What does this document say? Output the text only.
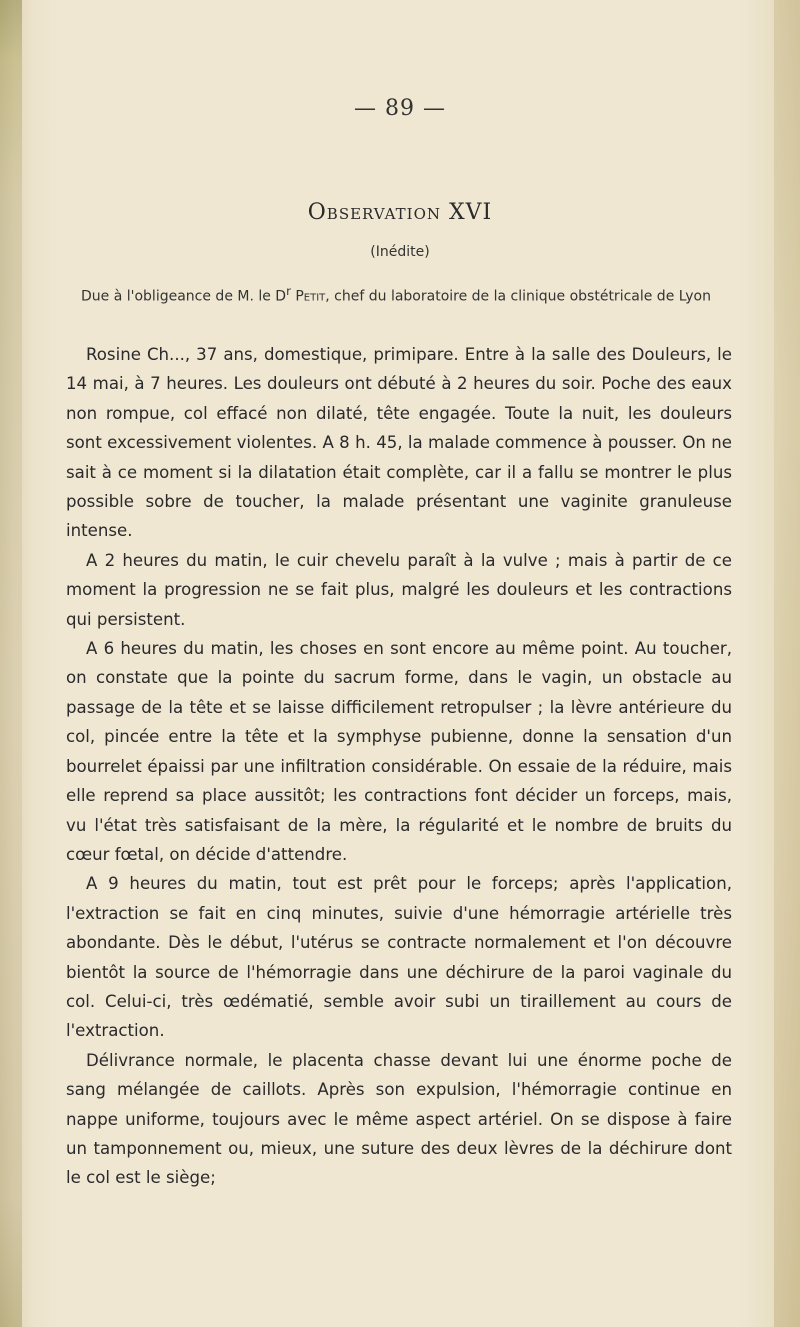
— 89 —
Observation XVI
(Inédite)
Due à l'obligeance de M. le $D^r$ Petit, chef du laboratoire de la clinique obstétricale de Lyon

Rosine Ch..., 37 ans, domestique, primipare. Entre à la salle des Douleurs, le 14 mai, à 7 heures. Les douleurs ont débuté à 2 heures du soir. Poche des eaux non rompue, col effacé non dilaté, tête engagée. Toute la nuit, les douleurs sont excessivement violentes. A 8 h. 45, la malade commence à pousser. On ne sait à ce moment si la dilatation était complète, car il a fallu se montrer le plus possible sobre de toucher, la malade présentant une vaginite granuleuse intense.

A 2 heures du matin, le cuir chevelu paraît à la vulve ; mais à partir de ce moment la progression ne se fait plus, malgré les douleurs et les contractions qui persistent.

A 6 heures du matin, les choses en sont encore au même point. Au toucher, on constate que la pointe du sacrum forme, dans le vagin, un obstacle au passage de la tête et se laisse difficilement retropulser ; la lèvre antérieure du col, pincée entre la tête et la symphyse pubienne, donne la sensation d'un bourrelet épaissi par une infiltration considérable. On essaie de la réduire, mais elle reprend sa place aussitôt; les contractions font décider un forceps, mais, vu l'état très satisfaisant de la mère, la régularité et le nombre de bruits du cœur fœtal, on décide d'attendre.

A 9 heures du matin, tout est prêt pour le forceps; après l'application, l'extraction se fait en cinq minutes, suivie d'une hémorragie artérielle très abondante. Dès le début, l'utérus se contracte normalement et l'on découvre bientôt la source de l'hémorragie dans une déchirure de la paroi vaginale du col. Celui-ci, très œdématié, semble avoir subi un tiraillement au cours de l'extraction.

Délivrance normale, le placenta chasse devant lui une énorme poche de sang mélangée de caillots. Après son expulsion, l'hémorragie continue en nappe uniforme, toujours avec le même aspect artériel. On se dispose à faire un tamponnement ou, mieux, une suture des deux lèvres de la déchirure dont le col est le siège;
